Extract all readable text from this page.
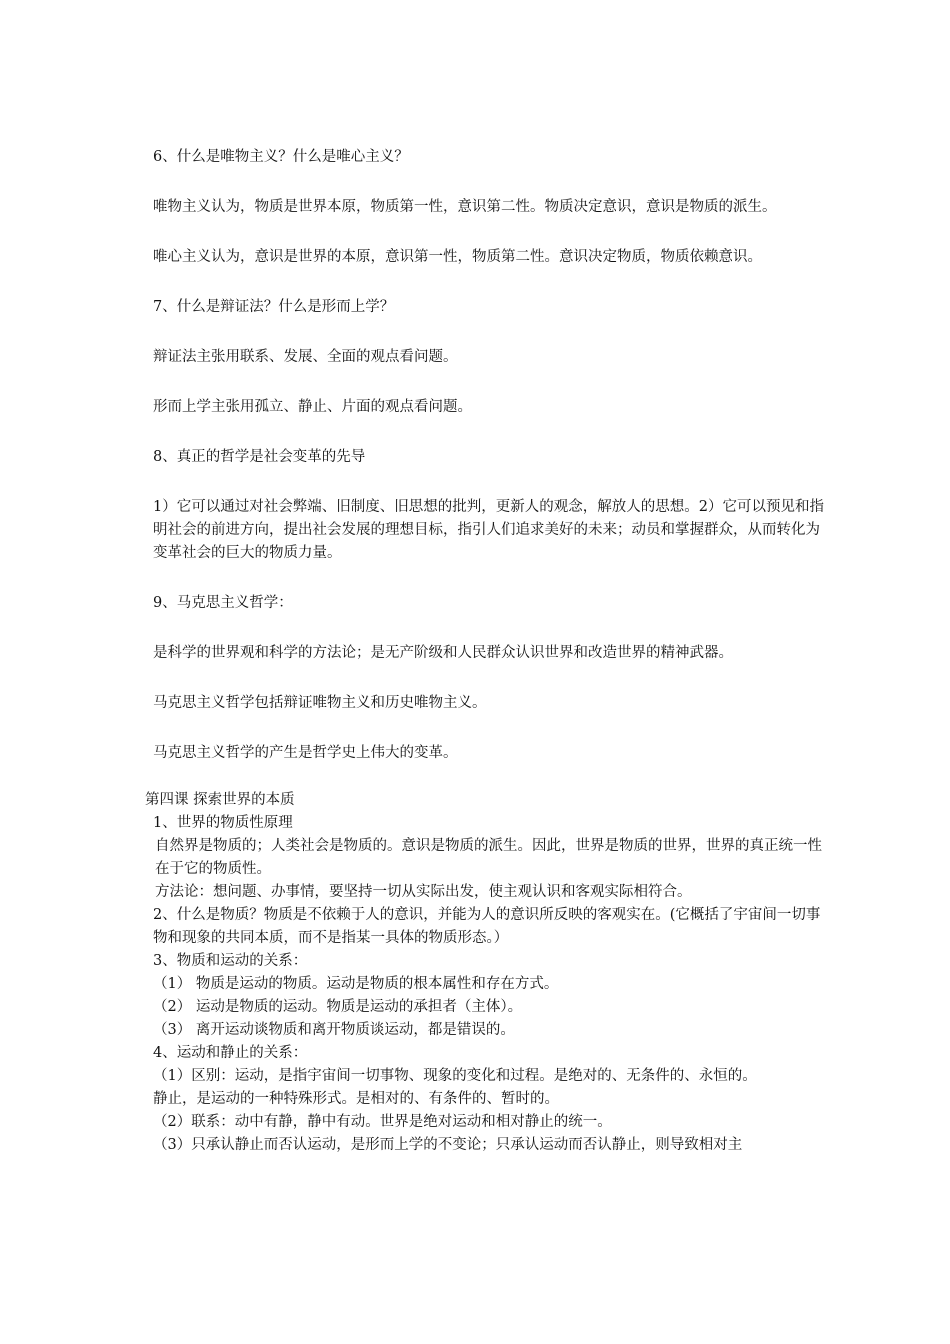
6、什么是唯物主义？什么是唯心主义？

唯物主义认为，物质是世界本原，物质第一性，意识第二性。物质决定意识，意识是物质的派生。

唯心主义认为，意识是世界的本原，意识第一性，物质第二性。意识决定物质，物质依赖意识。

7、什么是辩证法？什么是形而上学？

辩证法主张用联系、发展、全面的观点看问题。

形而上学主张用孤立、静止、片面的观点看问题。

8、真正的哲学是社会变革的先导

1）它可以通过对社会弊端、旧制度、旧思想的批判，更新人的观念，解放人的思想。2）它可以预见和指明社会的前进方向，提出社会发展的理想目标，指引人们追求美好的未来；动员和掌握群众，从而转化为变革社会的巨大的物质力量。

9、马克思主义哲学：

是科学的世界观和科学的方法论；是无产阶级和人民群众认识世界和改造世界的精神武器。

马克思主义哲学包括辩证唯物主义和历史唯物主义。

马克思主义哲学的产生是哲学史上伟大的变革。

第四课 探索世界的本质

1、世界的物质性原理

自然界是物质的；人类社会是物质的。意识是物质的派生。因此，世界是物质的世界，世界的真正统一性在于它的物质性。

方法论：想问题、办事情，要坚持一切从实际出发，使主观认识和客观实际相符合。

2、什么是物质？物质是不依赖于人的意识，并能为人的意识所反映的客观实在。(它概括了宇宙间一切事物和现象的共同本质，而不是指某一具体的物质形态。）

3、物质和运动的关系：

（1） 物质是运动的物质。运动是物质的根本属性和存在方式。

（2） 运动是物质的运动。物质是运动的承担者（主体）。

（3） 离开运动谈物质和离开物质谈运动，都是错误的。

4、运动和静止的关系：

（1）区别：运动，是指宇宙间一切事物、现象的变化和过程。是绝对的、无条件的、永恒的。

静止，是运动的一种特殊形式。是相对的、有条件的、暂时的。

（2）联系：动中有静，静中有动。世界是绝对运动和相对静止的统一。

（3）只承认静止而否认运动，是形而上学的不变论；只承认运动而否认静止，则导致相对主
